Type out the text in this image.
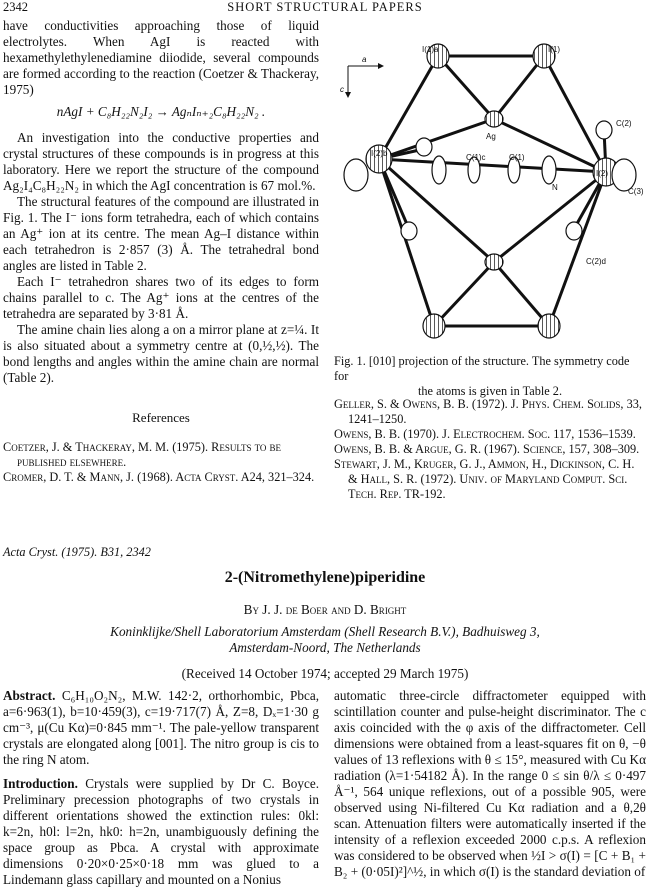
2342	SHORT STRUCTURAL PAPERS

have conductivities approaching those of liquid electrolytes. When AgI is reacted with hexamethylethylenediamine diiodide, several compounds are formed according to the reaction (Coetzer & Thackeray, 1975)

nAgI + C₈H₂₂N₂I₂ → AgₙIₙ₊₂C₈H₂₂N₂ .

An investigation into the conductive properties and crystal structures of these compounds is in progress at this laboratory. Here we report the structure of the compound Ag₂I₄C₈H₂₂N₂ in which the AgI concentration is 67 mol.%.

The structural features of the compound are illustrated in Fig. 1. The I⁻ ions form tetrahedra, each of which contains an Ag⁺ ion at its centre. The mean Ag–I distance within each tetrahedron is 2·857 (3) Å. The tetrahedral bond angles are listed in Table 2.

Each I⁻ tetrahedron shares two of its edges to form chains parallel to c. The Ag⁺ ions at the centres of the tetrahedra are separated by 3·81 Å.

The amine chain lies along a on a mirror plane at z=¼. It is also situated about a symmetry centre at (0,½,½). The bond lengths and angles within the amine chain are normal (Table 2).

References

Coetzer, J. & Thackeray, M. M. (1975). Results to be published elsewhere.

Cromer, D. T. & Mann, J. (1968). Acta Cryst. A24, 321–324.

I(1)a	I(1)
a
c
Ag
C(2)
I(2)b	C(1)c	C(1)
N
I(2)
C(3)
C(2)d
Fig. 1. [010] projection of the structure. The symmetry code for
the atoms is given in Table 2.

Geller, S. & Owens, B. B. (1972). J. Phys. Chem. Solids, 33, 1241–1250.

Owens, B. B. (1970). J. Electrochem. Soc. 117, 1536–1539.

Owens, B. B. & Argue, G. R. (1967). Science, 157, 308–309.

Stewart, J. M., Kruger, G. J., Ammon, H., Dickinson, C. H. & Hall, S. R. (1972). Univ. of Maryland Comput. Sci. Tech. Rep. TR-192.

Acta Cryst. (1975). B31, 2342
2-(Nitromethylene)piperidine
By J. J. de Boer and D. Bright
Koninklijke/Shell Laboratorium Amsterdam (Shell Research B.V.), Badhuisweg 3,
Amsterdam-Noord, The Netherlands
(Received 14 October 1974; accepted 29 March 1975)

Abstract. C₆H₁₀O₂N₂, M.W. 142·2, orthorhombic, Pbca, a=6·963(1), b=10·459(3), c=19·717(7) Å, Z=8, Dₓ=1·30 g cm⁻³, μ(Cu Kα)=0·845 mm⁻¹. The pale-yellow transparent crystals are elongated along [001]. The nitro group is cis to the ring N atom.

Introduction. Crystals were supplied by Dr C. Boyce. Preliminary precession photographs of two crystals in different orientations showed the extinction rules: 0kl: k=2n, h0l: l=2n, hk0: h=2n, unambiguously defining the space group as Pbca. A crystal with approximate dimensions 0·20×0·25×0·18 mm was glued to a Lindemann glass capillary and mounted on a Nonius

automatic three-circle diffractometer equipped with scintillation counter and pulse-height discriminator. The c axis coincided with the φ axis of the diffractometer. Cell dimensions were obtained from a least-squares fit on θ, −θ values of 13 reflexions with θ ≤ 15°, measured with Cu Kα radiation (λ=1·54182 Å). In the range 0 ≤ sin θ/λ ≤ 0·497 Å⁻¹, 564 unique reflexions, out of a possible 905, were observed using Ni-filtered Cu Kα radiation and a θ,2θ scan. Attenuation filters were automatically inserted if the intensity of a reflexion exceeded 2000 c.p.s. A reflexion was considered to be observed when ½I > σ(I) = [C + B₁ + B₂ + (0·05I)²]^½, in which σ(I) is the standard deviation of
